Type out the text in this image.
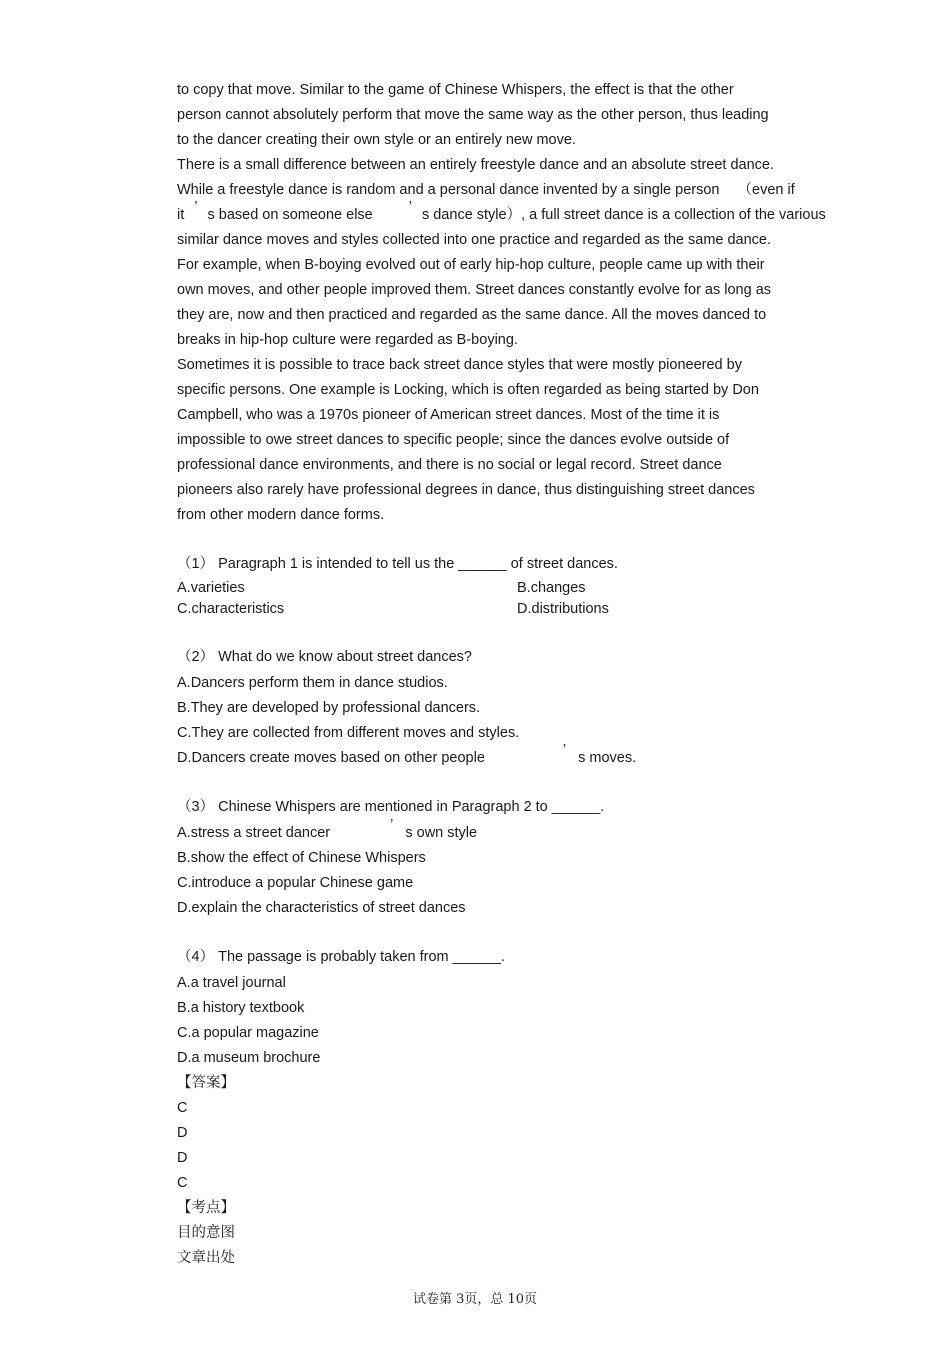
to copy that move. Similar to the game of Chinese Whispers, the effect is that the other
person cannot absolutely perform that move the same way as the other person, thus leading
to the dancer creating their own style or an entirely new move.
There is a small difference between an entirely freestyle dance and an absolute street dance.
While a freestyle dance is random and a personal dance invented by a single person （even if
it ’ s based on someone else ’ s dance style）, a full street dance is a collection of the various
similar dance moves and styles collected into one practice and regarded as the same dance.
For example, when B-boying evolved out of early hip-hop culture, people came up with their
own moves, and other people improved them. Street dances constantly evolve for as long as
they are, now and then practiced and regarded as the same dance. All the moves danced to
breaks in hip-hop culture were regarded as B-boying.
Sometimes it is possible to trace back street dance styles that were mostly pioneered by
specific persons. One example is Locking, which is often regarded as being started by Don
Campbell, who was a 1970s pioneer of American street dances. Most of the time it is
impossible to owe street dances to specific people; since the dances evolve outside of
professional dance environments, and there is no social or legal record. Street dance
pioneers also rarely have professional degrees in dance, thus distinguishing street dances
from other modern dance forms.
（1） Paragraph 1 is intended to tell us the ______ of street dances.
A.varieties	B.changes
C.characteristics	D.distributions
（2） What do we know about street dances?
A.Dancers perform them in dance studios.
B.They are developed by professional dancers.
C.They are collected from different moves and styles.
D.Dancers create moves based on other people	’ s moves.
（3） Chinese Whispers are mentioned in Paragraph 2 to ______.
A.stress a street dancer	’ s own style
B.show the effect of Chinese Whispers
C.introduce a popular Chinese game
D.explain the characteristics of street dances
（4） The passage is probably taken from ______.
A.a travel journal
B.a history textbook
C.a popular magazine
D.a museum brochure
【答案】
C
D
D
C
【考点】
目的意图
文章出处
试卷第 3页，总 10页
